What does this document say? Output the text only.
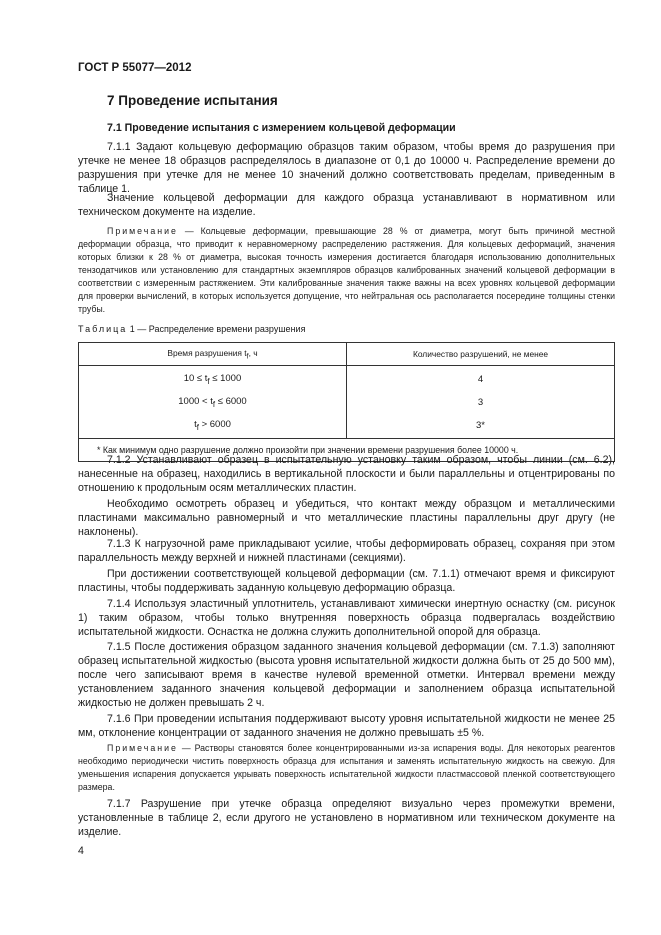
ГОСТ Р 55077—2012
7 Проведение испытания
7.1 Проведение испытания с измерением кольцевой деформации

7.1.1 Задают кольцевую деформацию образцов таким образом, чтобы время до разрушения при утечке не менее 18 образцов распределялось в диапазоне от 0,1 до 10000 ч. Распределение времени до разрушения при утечке для не менее 10 значений должно соответствовать пределам, приведенным в таблице 1.

Значение кольцевой деформации для каждого образца устанавливают в нормативном или техническом документе на изделие.

Примечание — Кольцевые деформации, превышающие 28 % от диаметра, могут быть причиной местной деформации образца, что приводит к неравномерному распределению растяжения. Для кольцевых деформаций, значения которых близки к 28 % от диаметра, высокая точность измерения достигается благодаря использованию дополнительных тензодатчиков или установлению для стандартных экземпляров образцов калиброванных значений кольцевой деформации в соответствии с измеренным растяжением. Эти калиброванные значения также важны на всех уровнях кольцевой деформации для проверки вычислений, в которых используется допущение, что нейтральная ось располагается посередине толщины стенки трубы.

Таблица 1 — Распределение времени разрушения
Время разрушения $t_f$, ч	Количество разрушений, не менее
$10 \le t_f \le 1000$	4
$1000 < t_f \le 6000$	3
$t_f > 6000$	3*
* Как минимум одно разрушение должно произойти при значении времени разрушения более 10000 ч.	

7.1.2 Устанавливают образец в испытательную установку таким образом, чтобы линии (см. 6.2), нанесенные на образец, находились в вертикальной плоскости и были параллельны и отцентрированы по отношению к продольным осям металлических пластин.

Необходимо осмотреть образец и убедиться, что контакт между образцом и металлическими пластинами максимально равномерный и что металлические пластины параллельны друг другу (не наклонены).

7.1.3 К нагрузочной раме прикладывают усилие, чтобы деформировать образец, сохраняя при этом параллельность между верхней и нижней пластинами (секциями).

При достижении соответствующей кольцевой деформации (см. 7.1.1) отмечают время и фиксируют пластины, чтобы поддерживать заданную кольцевую деформацию образца.

7.1.4 Используя эластичный уплотнитель, устанавливают химически инертную оснастку (см. рисунок 1) таким образом, чтобы только внутренняя поверхность образца подвергалась воздействию испытательной жидкости. Оснастка не должна служить дополнительной опорой для образца.

7.1.5 После достижения образцом заданного значения кольцевой деформации (см. 7.1.3) заполняют образец испытательной жидкостью (высота уровня испытательной жидкости должна быть от 25 до 500 мм), после чего записывают время в качестве нулевой временной отметки. Интервал времени между установлением заданного значения кольцевой деформации и заполнением образца испытательной жидкостью не должен превышать 2 ч.

7.1.6 При проведении испытания поддерживают высоту уровня испытательной жидкости не менее 25 мм, отклонение концентрации от заданного значения не должно превышать ±5 %.

Примечание — Растворы становятся более концентрированными из-за испарения воды. Для некоторых реагентов необходимо периодически чистить поверхность образца для испытания и заменять испытательную жидкость на свежую. Для уменьшения испарения допускается укрывать поверхность испытательной жидкости пластмассовой пленкой соответствующего размера.

7.1.7 Разрушение при утечке образца определяют визуально через промежутки времени, установленные в таблице 2, если другого не установлено в нормативном или техническом документе на изделие.

4
